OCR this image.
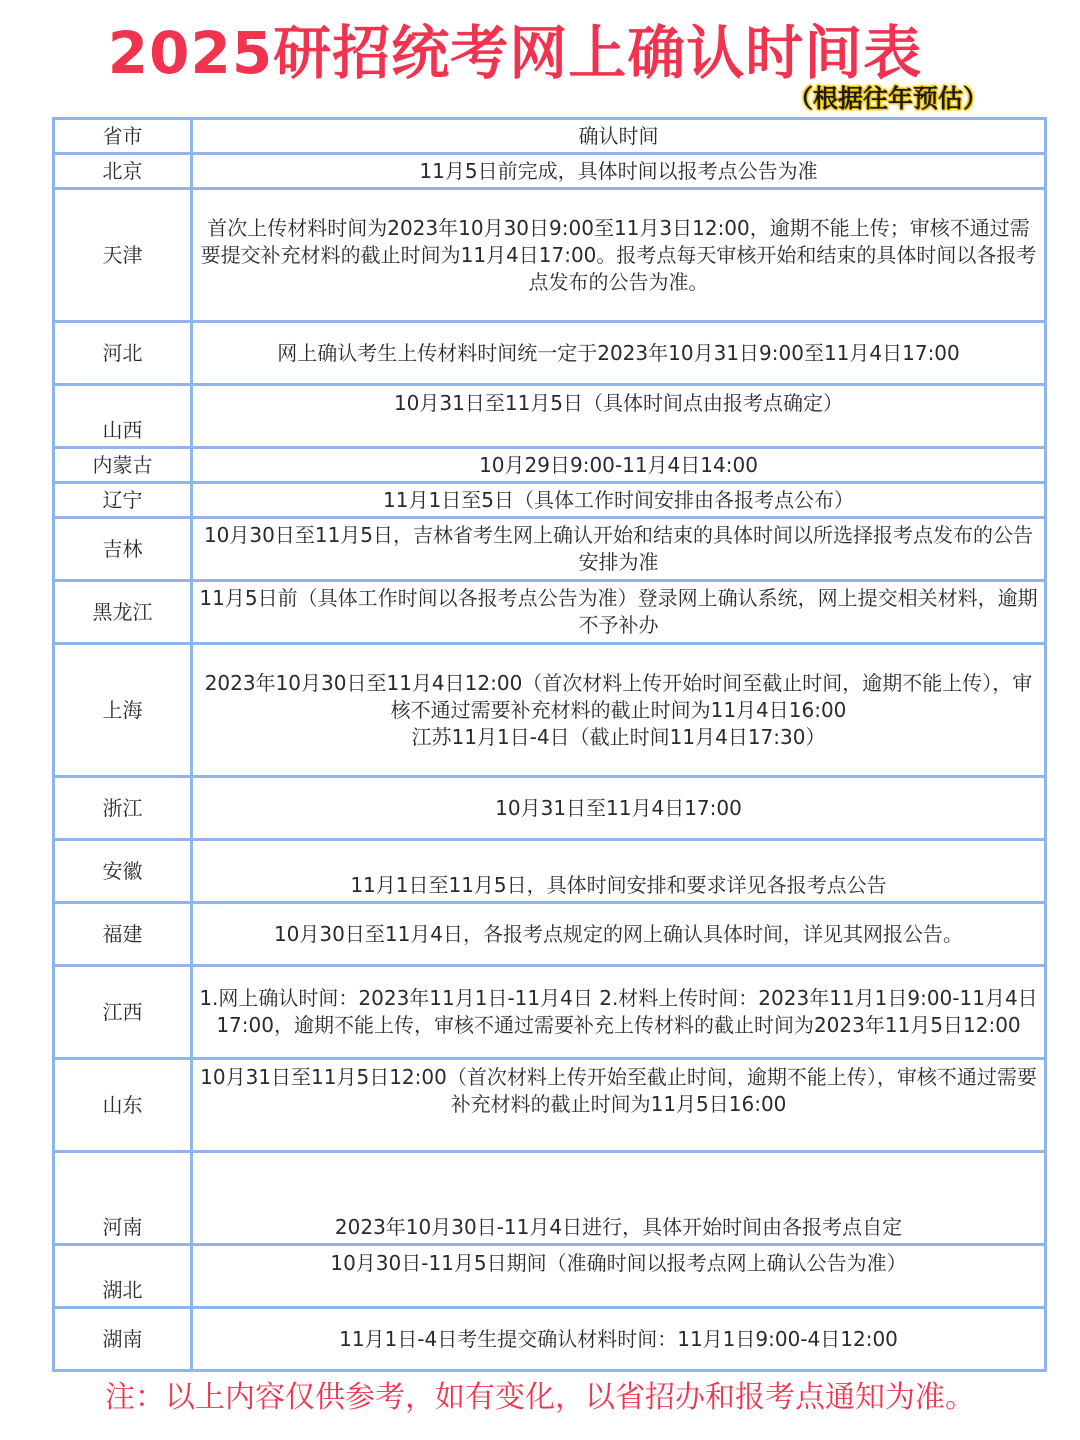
2025研招统考网上确认时间表
（根据往年预估）
省市	确认时间
北京	11月5日前完成，具体时间以报考点公告为准
天津	首次上传材料时间为2023年10月30日9:00至11月3日12:00，逾期不能上传；审核不通过需要提交补充材料的截止时间为11月4日17:00。报考点每天审核开始和结束的具体时间以各报考点发布的公告为准。
河北	网上确认考生上传材料时间统一定于2023年10月31日9:00至11月4日17:00
山西	10月31日至11月5日（具体时间点由报考点确定）
内蒙古	10月29日9:00-11月4日14:00
辽宁	11月1日至5日（具体工作时间安排由各报考点公布）
吉林	10月30日至11月5日，吉林省考生网上确认开始和结束的具体时间以所选择报考点发布的公告安排为准
黑龙江	11月5日前（具体工作时间以各报考点公告为准）登录网上确认系统，网上提交相关材料，逾期不予补办
上海	2023年10月30日至11月4日12:00（首次材料上传开始时间至截止时间，逾期不能上传），审核不通过需要补充材料的截止时间为11月4日16:00
江苏11月1日-4日（截止时间11月4日17:30）

浙江	10月31日至11月4日17:00
安徽	11月1日至11月5日，具体时间安排和要求详见各报考点公告
福建	10月30日至11月4日，各报考点规定的网上确认具体时间，详见其网报公告。
江西	1.网上确认时间：2023年11月1日-11月4日 2.材料上传时间：2023年11月1日9:00-11月4日17:00，逾期不能上传，审核不通过需要补充上传材料的截止时间为2023年11月5日12:00
山东	10月31日至11月5日12:00（首次材料上传开始至截止时间，逾期不能上传），审核不通过需要补充材料的截止时间为11月5日16:00
河南	2023年10月30日-11月4日进行，具体开始时间由各报考点自定
湖北	10月30日-11月5日期间（准确时间以报考点网上确认公告为准）
湖南	11月1日-4日考生提交确认材料时间：11月1日9:00-4日12:00
注：以上内容仅供参考，如有变化，以省招办和报考点通知为准。
